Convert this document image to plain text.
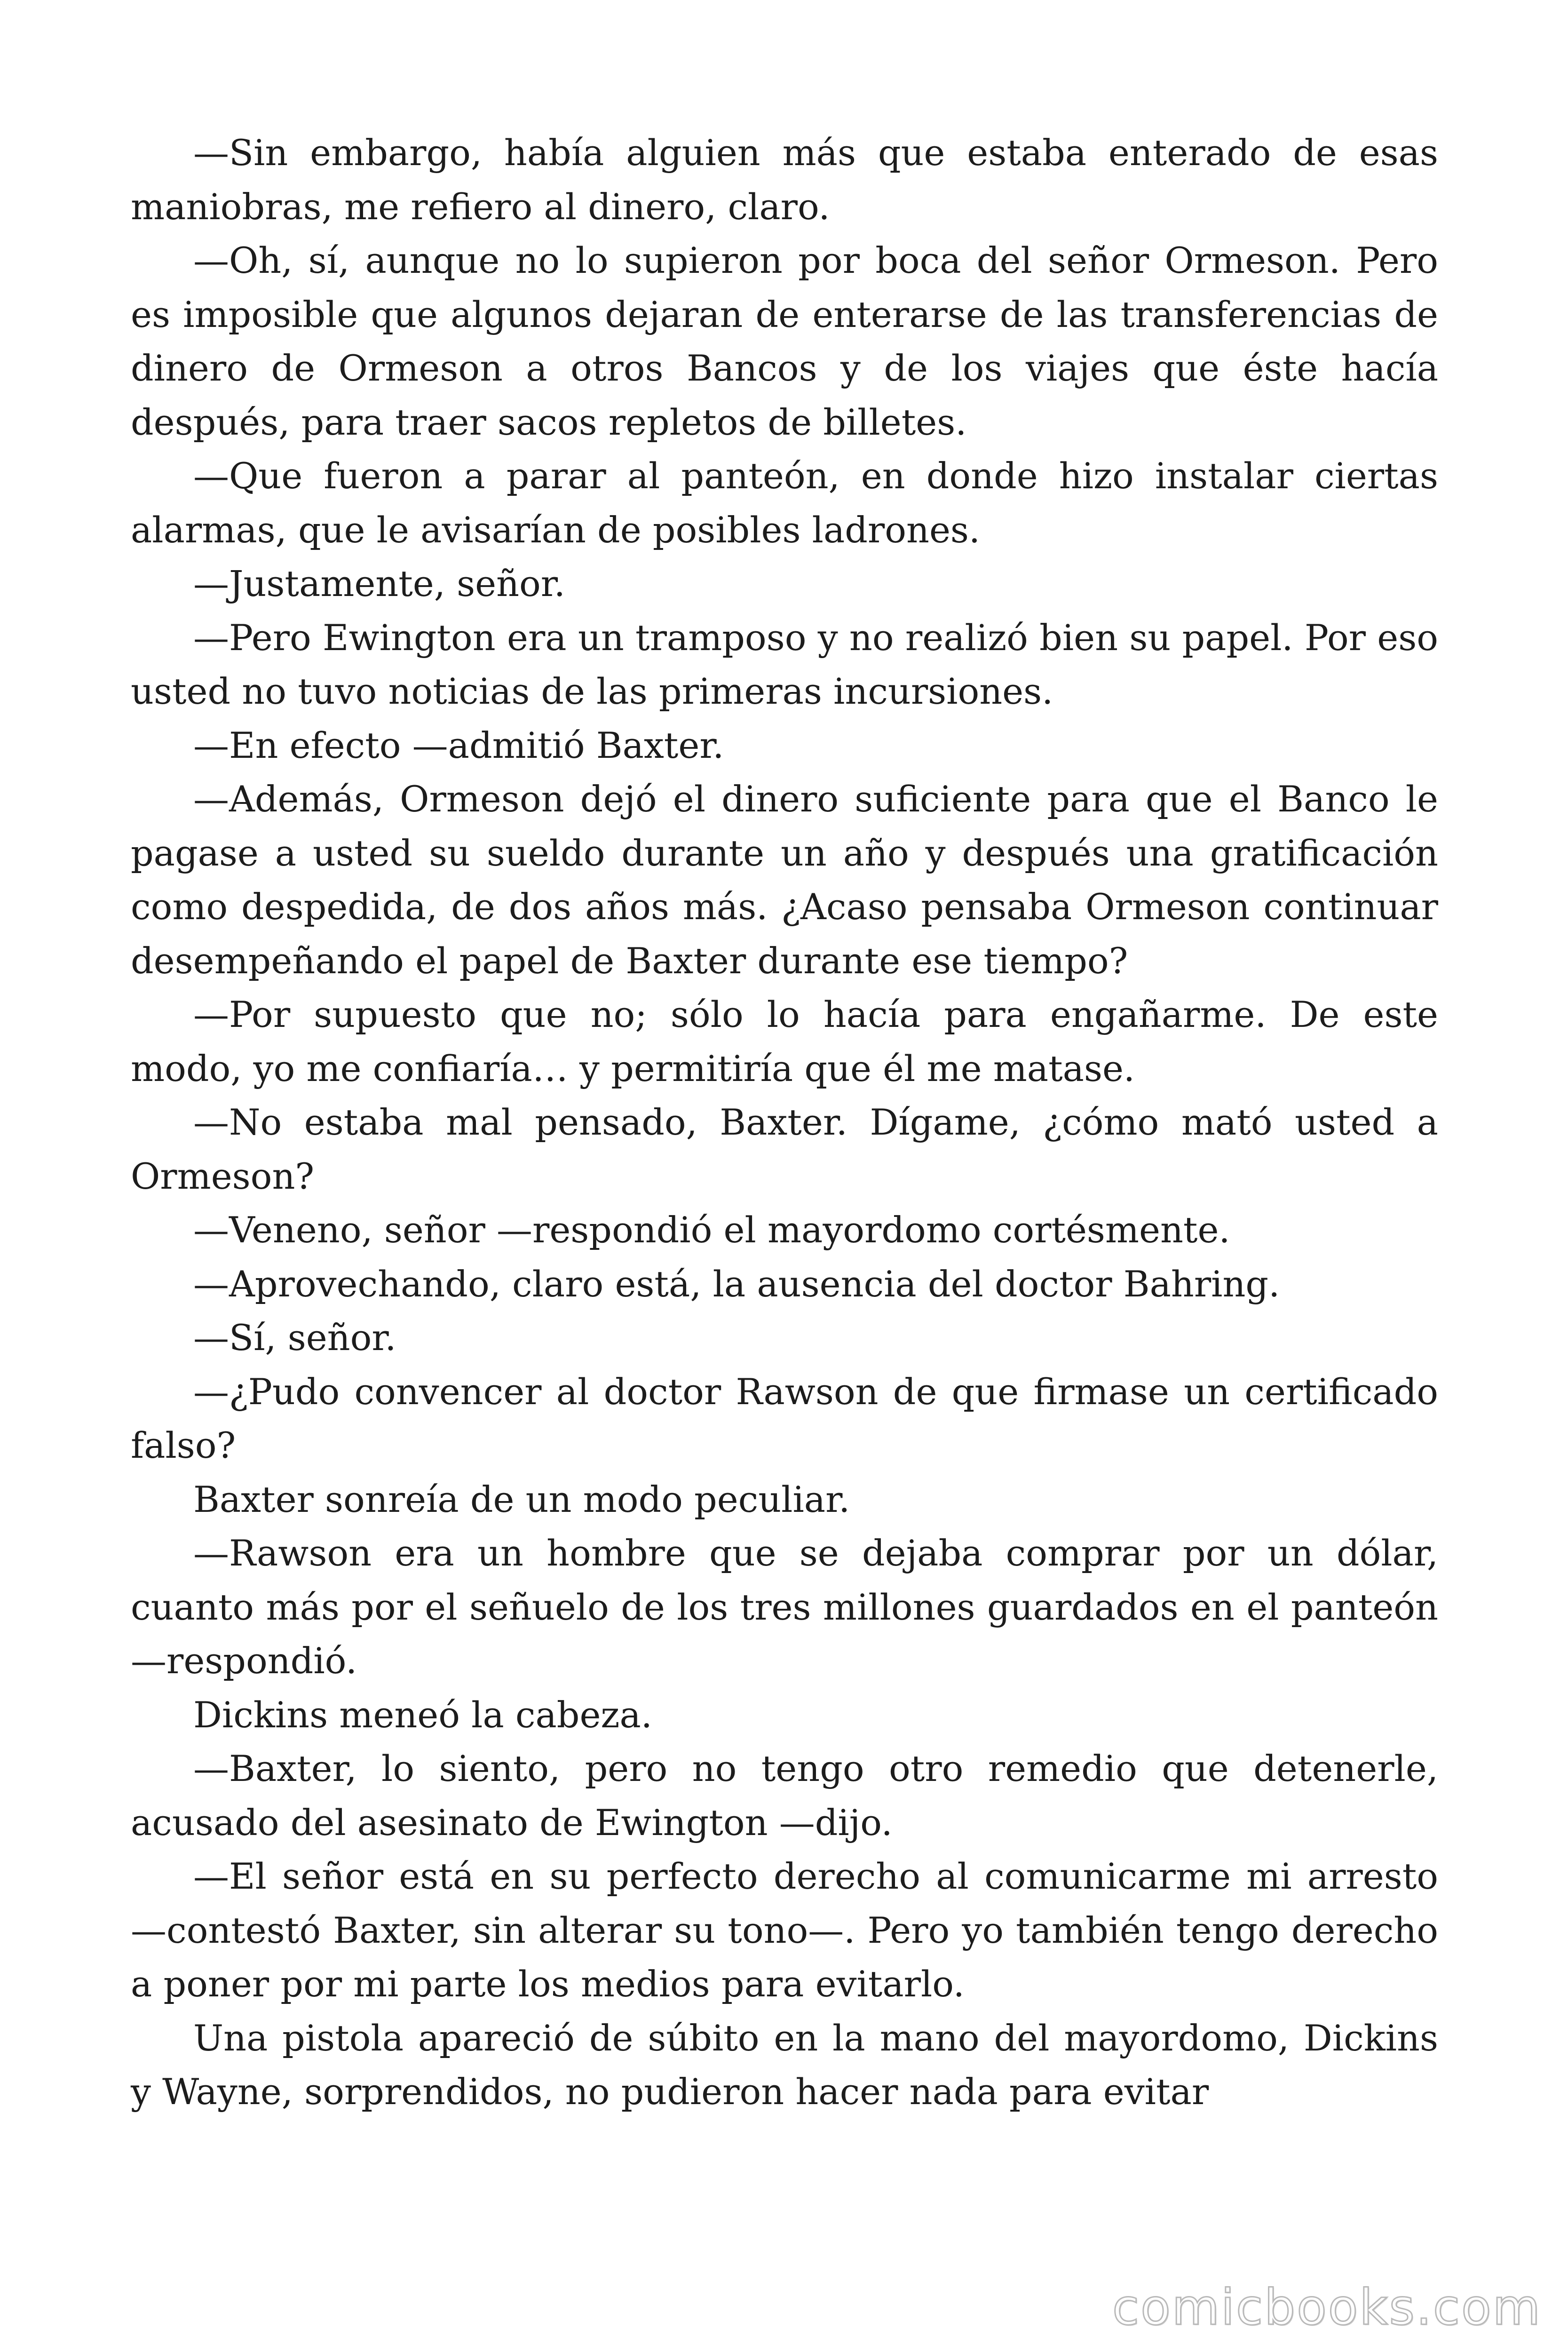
—Sin embargo, había alguien más que estaba enterado de esas maniobras, me refiero al dinero, claro.

—Oh, sí, aunque no lo supieron por boca del señor Ormeson. Pero es imposible que algunos dejaran de enterarse de las transferencias de dinero de Ormeson a otros Bancos y de los viajes que éste hacía después, para traer sacos repletos de billetes.

—Que fueron a parar al panteón, en donde hizo instalar ciertas alarmas, que le avisarían de posibles ladrones.

—Justamente, señor.

—Pero Ewington era un tramposo y no realizó bien su papel. Por eso usted no tuvo noticias de las primeras incursiones.

—En efecto —admitió Baxter.

—Además, Ormeson dejó el dinero suficiente para que el Banco le pagase a usted su sueldo durante un año y después una gratificación como despedida, de dos años más. ¿Acaso pensaba Ormeson continuar desempeñando el papel de Baxter durante ese tiempo?

—Por supuesto que no; sólo lo hacía para engañarme. De este modo, yo me confiaría… y permitiría que él me matase.

—No estaba mal pensado, Baxter. Dígame, ¿cómo mató usted a Ormeson?

—Veneno, señor —respondió el mayordomo cortésmente.

—Aprovechando, claro está, la ausencia del doctor Bahring.

—Sí, señor.

—¿Pudo convencer al doctor Rawson de que firmase un certificado falso?

Baxter sonreía de un modo peculiar.

—Rawson era un hombre que se dejaba comprar por un dólar, cuanto más por el señuelo de los tres millones guardados en el panteón —respondió.

Dickins meneó la cabeza.

—Baxter, lo siento, pero no tengo otro remedio que detenerle, acusado del asesinato de Ewington —dijo.

—El señor está en su perfecto derecho al comunicarme mi arresto —contestó Baxter, sin alterar su tono—. Pero yo también tengo derecho a poner por mi parte los medios para evitarlo.

Una pistola apareció de súbito en la mano del mayordomo, Dickins y Wayne, sorprendidos, no pudieron hacer nada para evitar

comicbooks.com
